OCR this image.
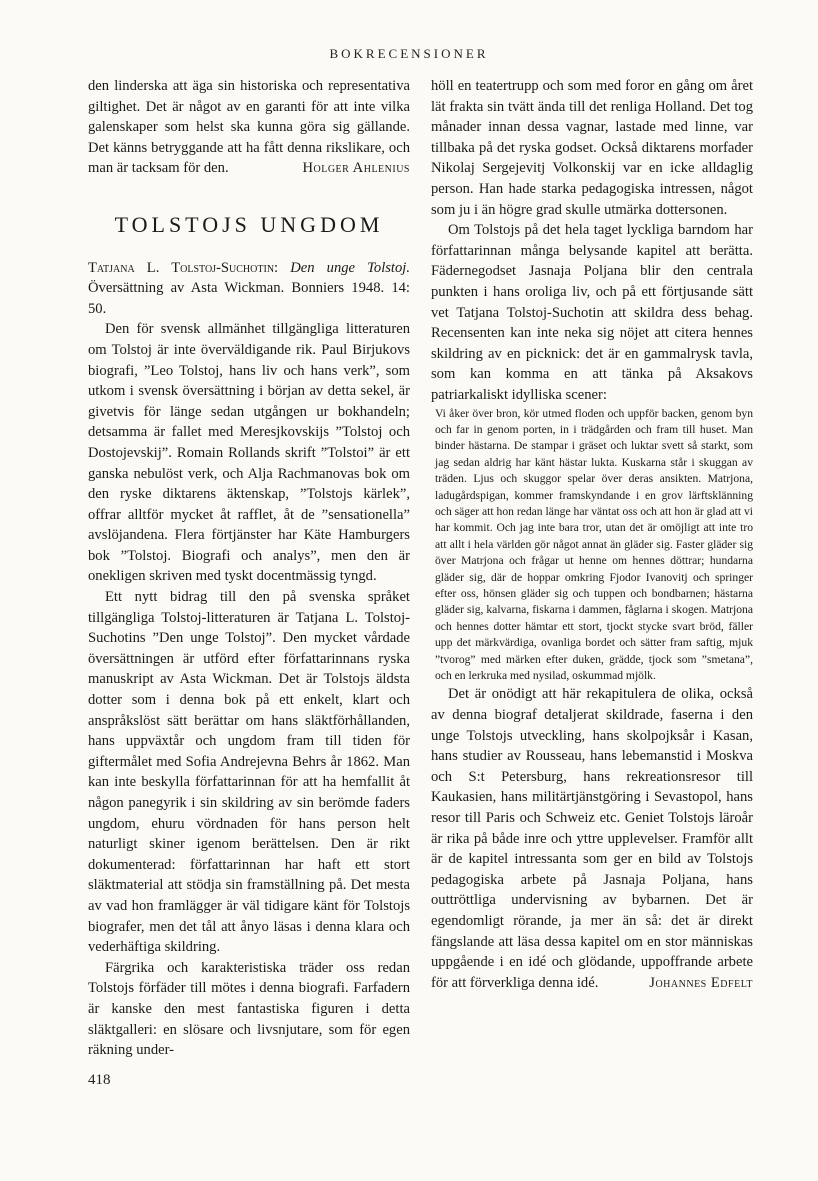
BOKRECENSIONER

den linderska att äga sin historiska och representativa giltighet. Det är något av en garanti för att inte vilka galenskaper som helst ska kunna göra sig gällande. Det känns betryggande att ha fått denna rikslikare, och man är tacksam för den.	Holger Ahlenius

TOLSTOJS UNGDOM

Tatjana L. Tolstoj-Suchotin: Den unge Tolstoj. Översättning av Asta Wickman. Bonniers 1948. 14: 50.

Den för svensk allmänhet tillgängliga litteraturen om Tolstoj är inte överväldigande rik. Paul Birjukovs biografi, ”Leo Tolstoj, hans liv och hans verk”, som utkom i svensk översättning i början av detta sekel, är givetvis för länge sedan utgången ur bokhandeln; detsamma är fallet med Meresjkovskijs ”Tolstoj och Dostojevskij”. Romain Rollands skrift ”Tolstoi” är ett ganska nebulöst verk, och Alja Rachmanovas bok om den ryske diktarens äktenskap, ”Tolstojs kärlek”, offrar alltför mycket åt rafflet, åt de ”sensationella” avslöjandena. Flera förtjänster har Käte Hamburgers bok ”Tolstoj. Biografi och analys”, men den är onekligen skriven med tyskt docentmässig tyngd.

Ett nytt bidrag till den på svenska språket tillgängliga Tolstoj-litteraturen är Tatjana L. Tolstoj-Suchotins ”Den unge Tolstoj”. Den mycket vårdade översättningen är utförd efter författarinnans ryska manuskript av Asta Wickman. Det är Tolstojs äldsta dotter som i denna bok på ett enkelt, klart och anspråkslöst sätt berättar om hans släktförhållanden, hans uppväxtår och ungdom fram till tiden för giftermålet med Sofia Andrejevna Behrs år 1862. Man kan inte beskylla författarinnan för att ha hemfallit åt någon panegyrik i sin skildring av sin berömde faders ungdom, ehuru vördnaden för hans person helt naturligt skiner igenom berättelsen. Den är rikt dokumenterad: författarinnan har haft ett stort släktmaterial att stödja sin framställning på. Det mesta av vad hon framlägger är väl tidigare känt för Tolstojs biografer, men det tål att ånyo läsas i denna klara och vederhäftiga skildring.

Färgrika och karakteristiska träder oss redan Tolstojs förfäder till mötes i denna biografi. Farfadern är kanske den mest fantastiska figuren i detta släktgalleri: en slösare och livsnjutare, som för egen räkning under-

höll en teatertrupp och som med foror en gång om året lät frakta sin tvätt ända till det renliga Holland. Det tog månader innan dessa vagnar, lastade med linne, var tillbaka på det ryska godset. Också diktarens morfader Nikolaj Sergejevitj Volkonskij var en icke alldaglig person. Han hade starka pedagogiska intressen, något som ju i än högre grad skulle utmärka dottersonen.

Om Tolstojs på det hela taget lyckliga barndom har författarinnan många belysande kapitel att berätta. Fädernegodset Jasnaja Poljana blir den centrala punkten i hans oroliga liv, och på ett förtjusande sätt vet Tatjana Tolstoj-Suchotin att skildra dess behag. Recensenten kan inte neka sig nöjet att citera hennes skildring av en picknick: det är en gammalrysk tavla, som kan komma en att tänka på Aksakovs patriarkaliskt idylliska scener:

Vi åker över bron, kör utmed floden och uppför backen, genom byn och far in genom porten, in i trädgården och fram till huset. Man binder hästarna. De stampar i gräset och luktar svett så starkt, som jag sedan aldrig har känt hästar lukta. Kuskarna står i skuggan av träden. Ljus och skuggor spelar över deras ansikten. Matrjona, ladugårdspigan, kommer framskyndande i en grov lärftsklänning och säger att hon redan länge har väntat oss och att hon är glad att vi har kommit. Och jag inte bara tror, utan det är omöjligt att inte tro att allt i hela världen gör något annat än gläder sig. Faster gläder sig över Matrjona och frågar ut henne om hennes döttrar; hundarna gläder sig, där de hoppar omkring Fjodor Ivanovitj och springer efter oss, hönsen gläder sig och tuppen och bondbarnen; hästarna gläder sig, kalvarna, fiskarna i dammen, fåglarna i skogen. Matrjona och hennes dotter hämtar ett stort, tjockt stycke svart bröd, fäller upp det märkvärdiga, ovanliga bordet och sätter fram saftig, mjuk ”tvorog” med märken efter duken, grädde, tjock som ”smetana”, och en lerkruka med nysilad, oskummad mjölk.

Det är onödigt att här rekapitulera de olika, också av denna biograf detaljerat skildrade, faserna i den unge Tolstojs utveckling, hans skolpojksår i Kasan, hans studier av Rousseau, hans lebemanstid i Moskva och S:t Petersburg, hans rekreationsresor till Kaukasien, hans militärtjänstgöring i Sevastopol, hans resor till Paris och Schweiz etc. Geniet Tolstojs läroår är rika på både inre och yttre upplevelser. Framför allt är de kapitel intressanta som ger en bild av Tolstojs pedagogiska arbete på Jasnaja Poljana, hans outtröttliga undervisning av bybarnen. Det är egendomligt rörande, ja mer än så: det är direkt fängslande att läsa dessa kapitel om en stor människas uppgående i en idé och glödande, uppoffrande arbete för att förverkliga denna idé.	Johannes Edfelt

418
